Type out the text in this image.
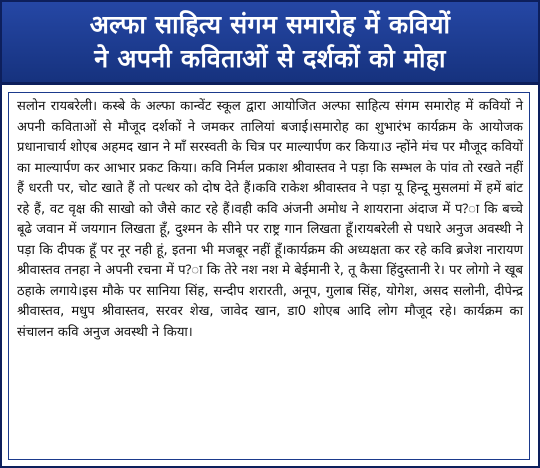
अल्फा साहित्य संगम समारोह में कवियों
ने अपनी कविताओं से दर्शकों को मोहा

सलोन रायबरेली। कस्बे के अल्फा कान्वेंट स्कूल द्वारा आयोजित अल्फा साहित्य संगम समारोह में कवियों ने अपनी कविताओं से मौजूद दर्शकों ने जमकर तालियां बजाई।समारोह का शुभारंभ कार्यक्रम के आयोजक प्रधानाचार्य शोएब अहमद खान ने माँ सरस्वती के चित्र पर माल्यार्पण कर किया।उ न्होंने मंच पर मौजूद कवियों का माल्यार्पण कर आभार प्रकट किया। कवि निर्मल प्रकाश श्रीवास्तव ने पड़ा कि सम्भल के पांव तो रखते नहीं हैं धरती पर, चोट खाते हैं तो पत्थर को दोष देते हैं।कवि राकेश श्रीवास्तव ने पड़ा यू हिन्दू मुसलमां में हमें बांट रहे हैं, वट वृक्ष की साखो को जैसे काट रहे हैं।वही कवि अंजनी अमोध ने शायराना अंदाज में प?ा कि बच्चे बूढे जवान में जयगान लिखता हूँ, दुश्मन के सीने पर राष्ट्र गान लिखता हूँ।रायबरेली से पधारे अनुज अवस्थी ने पड़ा कि दीपक हूँ पर नूर नही हूं, इतना भी मजबूर नहीं हूँ।कार्यक्रम की अध्यक्षता कर रहे कवि ब्रजेश नारायण श्रीवास्तव तनहा ने अपनी रचना में प?ा कि तेरे नश नश मे बेईमानी रे, तू कैसा हिंदुस्तानी रे। पर लोगो ने खूब ठहाके लगाये।इस मौके पर सानिया सिंह, सन्दीप शरारती, अनूप, गुलाब सिंह, योगेश, असद सलोनी, दीपेन्द्र श्रीवास्तव, मधुप श्रीवास्तव, सरवर शेख, जावेद खान, डा0 शोएब आदि लोग मौजूद रहे। कार्यक्रम का संचालन कवि अनुज अवस्थी ने किया।
